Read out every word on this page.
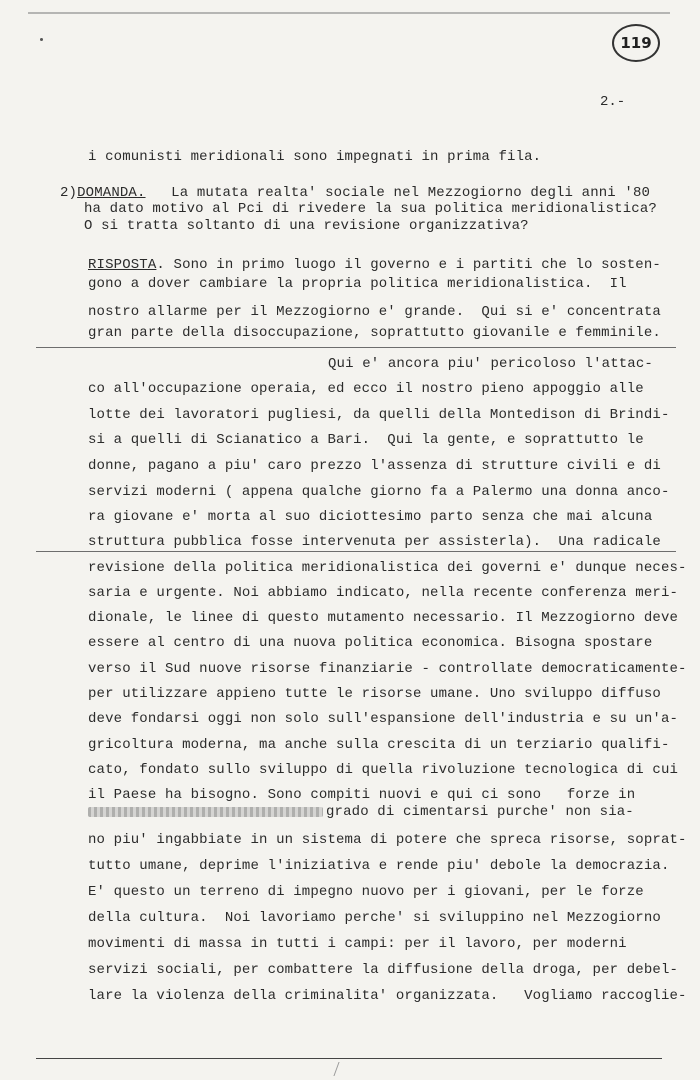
119
2.-
i comunisti meridionali sono impegnati in prima fila.
2)DOMANDA.   La mutata realta' sociale nel Mezzogiorno degli anni '80
ha dato motivo al Pci di rivedere la sua politica meridionalistica?
O si tratta soltanto di una revisione organizzativa?
RISPOSTA. Sono in primo luogo il governo e i partiti che lo sosten-
gono a dover cambiare la propria politica meridionalistica.  Il
nostro allarme per il Mezzogiorno e' grande.  Qui si e' concentrata
gran parte della disoccupazione, soprattutto giovanile e femminile.
Qui e' ancora piu' pericoloso l'attac-
co all'occupazione operaia, ed ecco il nostro pieno appoggio alle
lotte dei lavoratori pugliesi, da quelli della Montedison di Brindi-
si a quelli di Scianatico a Bari.  Qui la gente, e soprattutto le
donne, pagano a piu' caro prezzo l'assenza di strutture civili e di
servizi moderni ( appena qualche giorno fa a Palermo una donna anco-
ra giovane e' morta al suo diciottesimo parto senza che mai alcuna
struttura pubblica fosse intervenuta per assisterla).  Una radicale
revisione della politica meridionalistica dei governi e' dunque neces-
saria e urgente. Noi abbiamo indicato, nella recente conferenza meri-
dionale, le linee di questo mutamento necessario. Il Mezzogiorno deve
essere al centro di una nuova politica economica. Bisogna spostare
verso il Sud nuove risorse finanziarie - controllate democraticamente-
per utilizzare appieno tutte le risorse umane. Uno sviluppo diffuso
deve fondarsi oggi non solo sull'espansione dell'industria e su un'a-
gricoltura moderna, ma anche sulla crescita di un terziario qualifi-
cato, fondato sullo sviluppo di quella rivoluzione tecnologica di cui
il Paese ha bisogno. Sono compiti nuovi e qui ci sono   forze in
grado di cimentarsi purche' non sia-
no piu' ingabbiate in un sistema di potere che spreca risorse, soprat-
tutto umane, deprime l'iniziativa e rende piu' debole la democrazia.
E' questo un terreno di impegno nuovo per i giovani, per le forze
della cultura.  Noi lavoriamo perche' si sviluppino nel Mezzogiorno
movimenti di massa in tutti i campi: per il lavoro, per moderni
servizi sociali, per combattere la diffusione della droga, per debel-
lare la violenza della criminalita' organizzata.   Vogliamo raccoglie-
